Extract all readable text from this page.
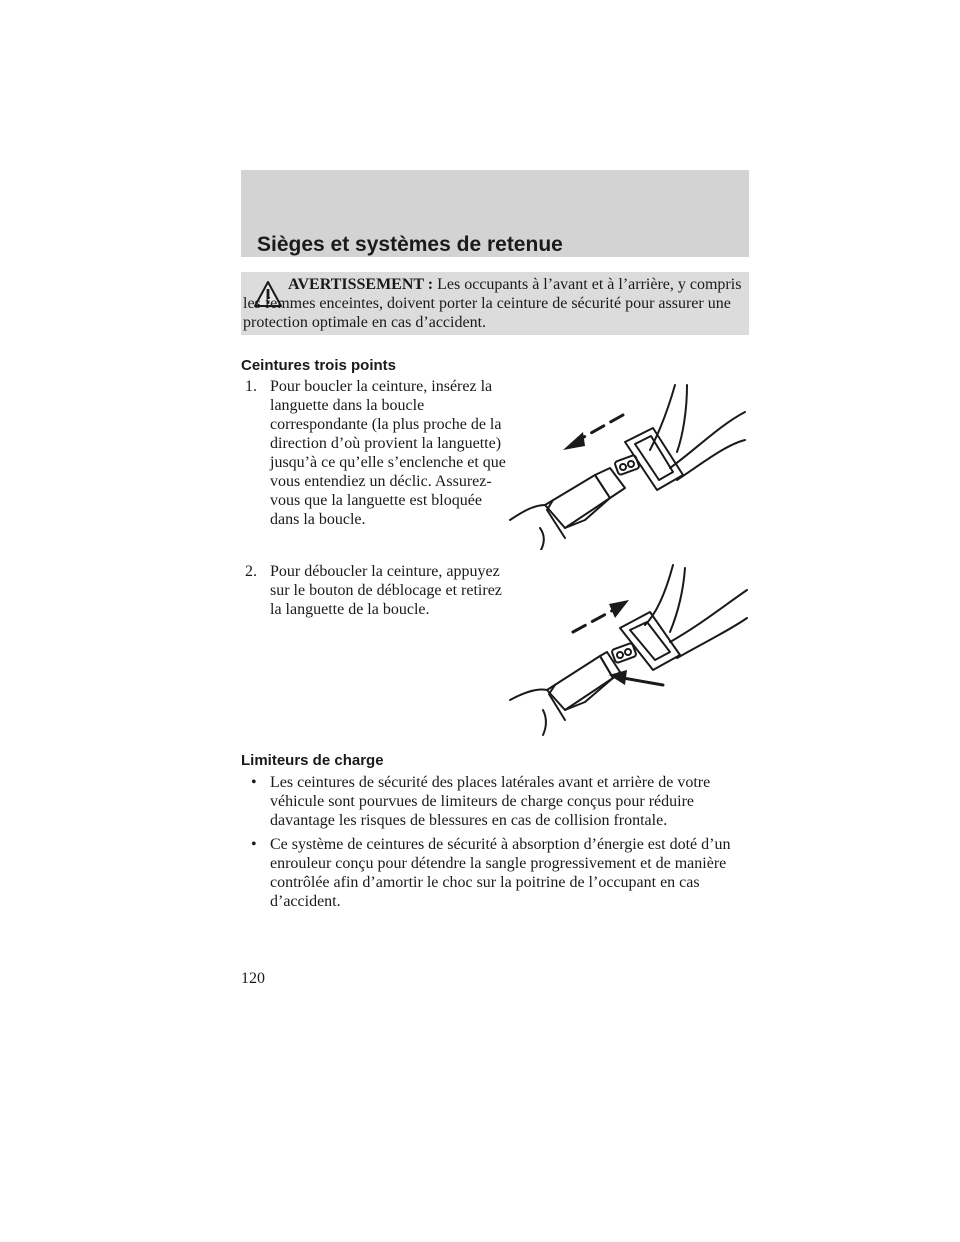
Sièges et systèmes de retenue

AVERTISSEMENT : Les occupants à l’avant et à l’arrière, y compris les femmes enceintes, doivent porter la ceinture de sécurité pour assurer une protection optimale en cas d’accident.

Ceintures trois points
1. Pour boucler la ceinture, insérez la languette dans la boucle correspondante (la plus proche de la direction d’où provient la languette) jusqu’à ce qu’elle s’enclenche et que vous entendiez un déclic. Assurez-vous que la languette est bloquée dans la boucle.
2. Pour déboucler la ceinture, appuyez sur le bouton de déblocage et retirez la languette de la boucle.
Limiteurs de charge
• Les ceintures de sécurité des places latérales avant et arrière de votre véhicule sont pourvues de limiteurs de charge conçus pour réduire davantage les risques de blessures en cas de collision frontale.
• Ce système de ceintures de sécurité à absorption d’énergie est doté d’un enrouleur conçu pour détendre la sangle progressivement et de manière contrôlée afin d’amortir le choc sur la poitrine de l’occupant en cas d’accident.

120
